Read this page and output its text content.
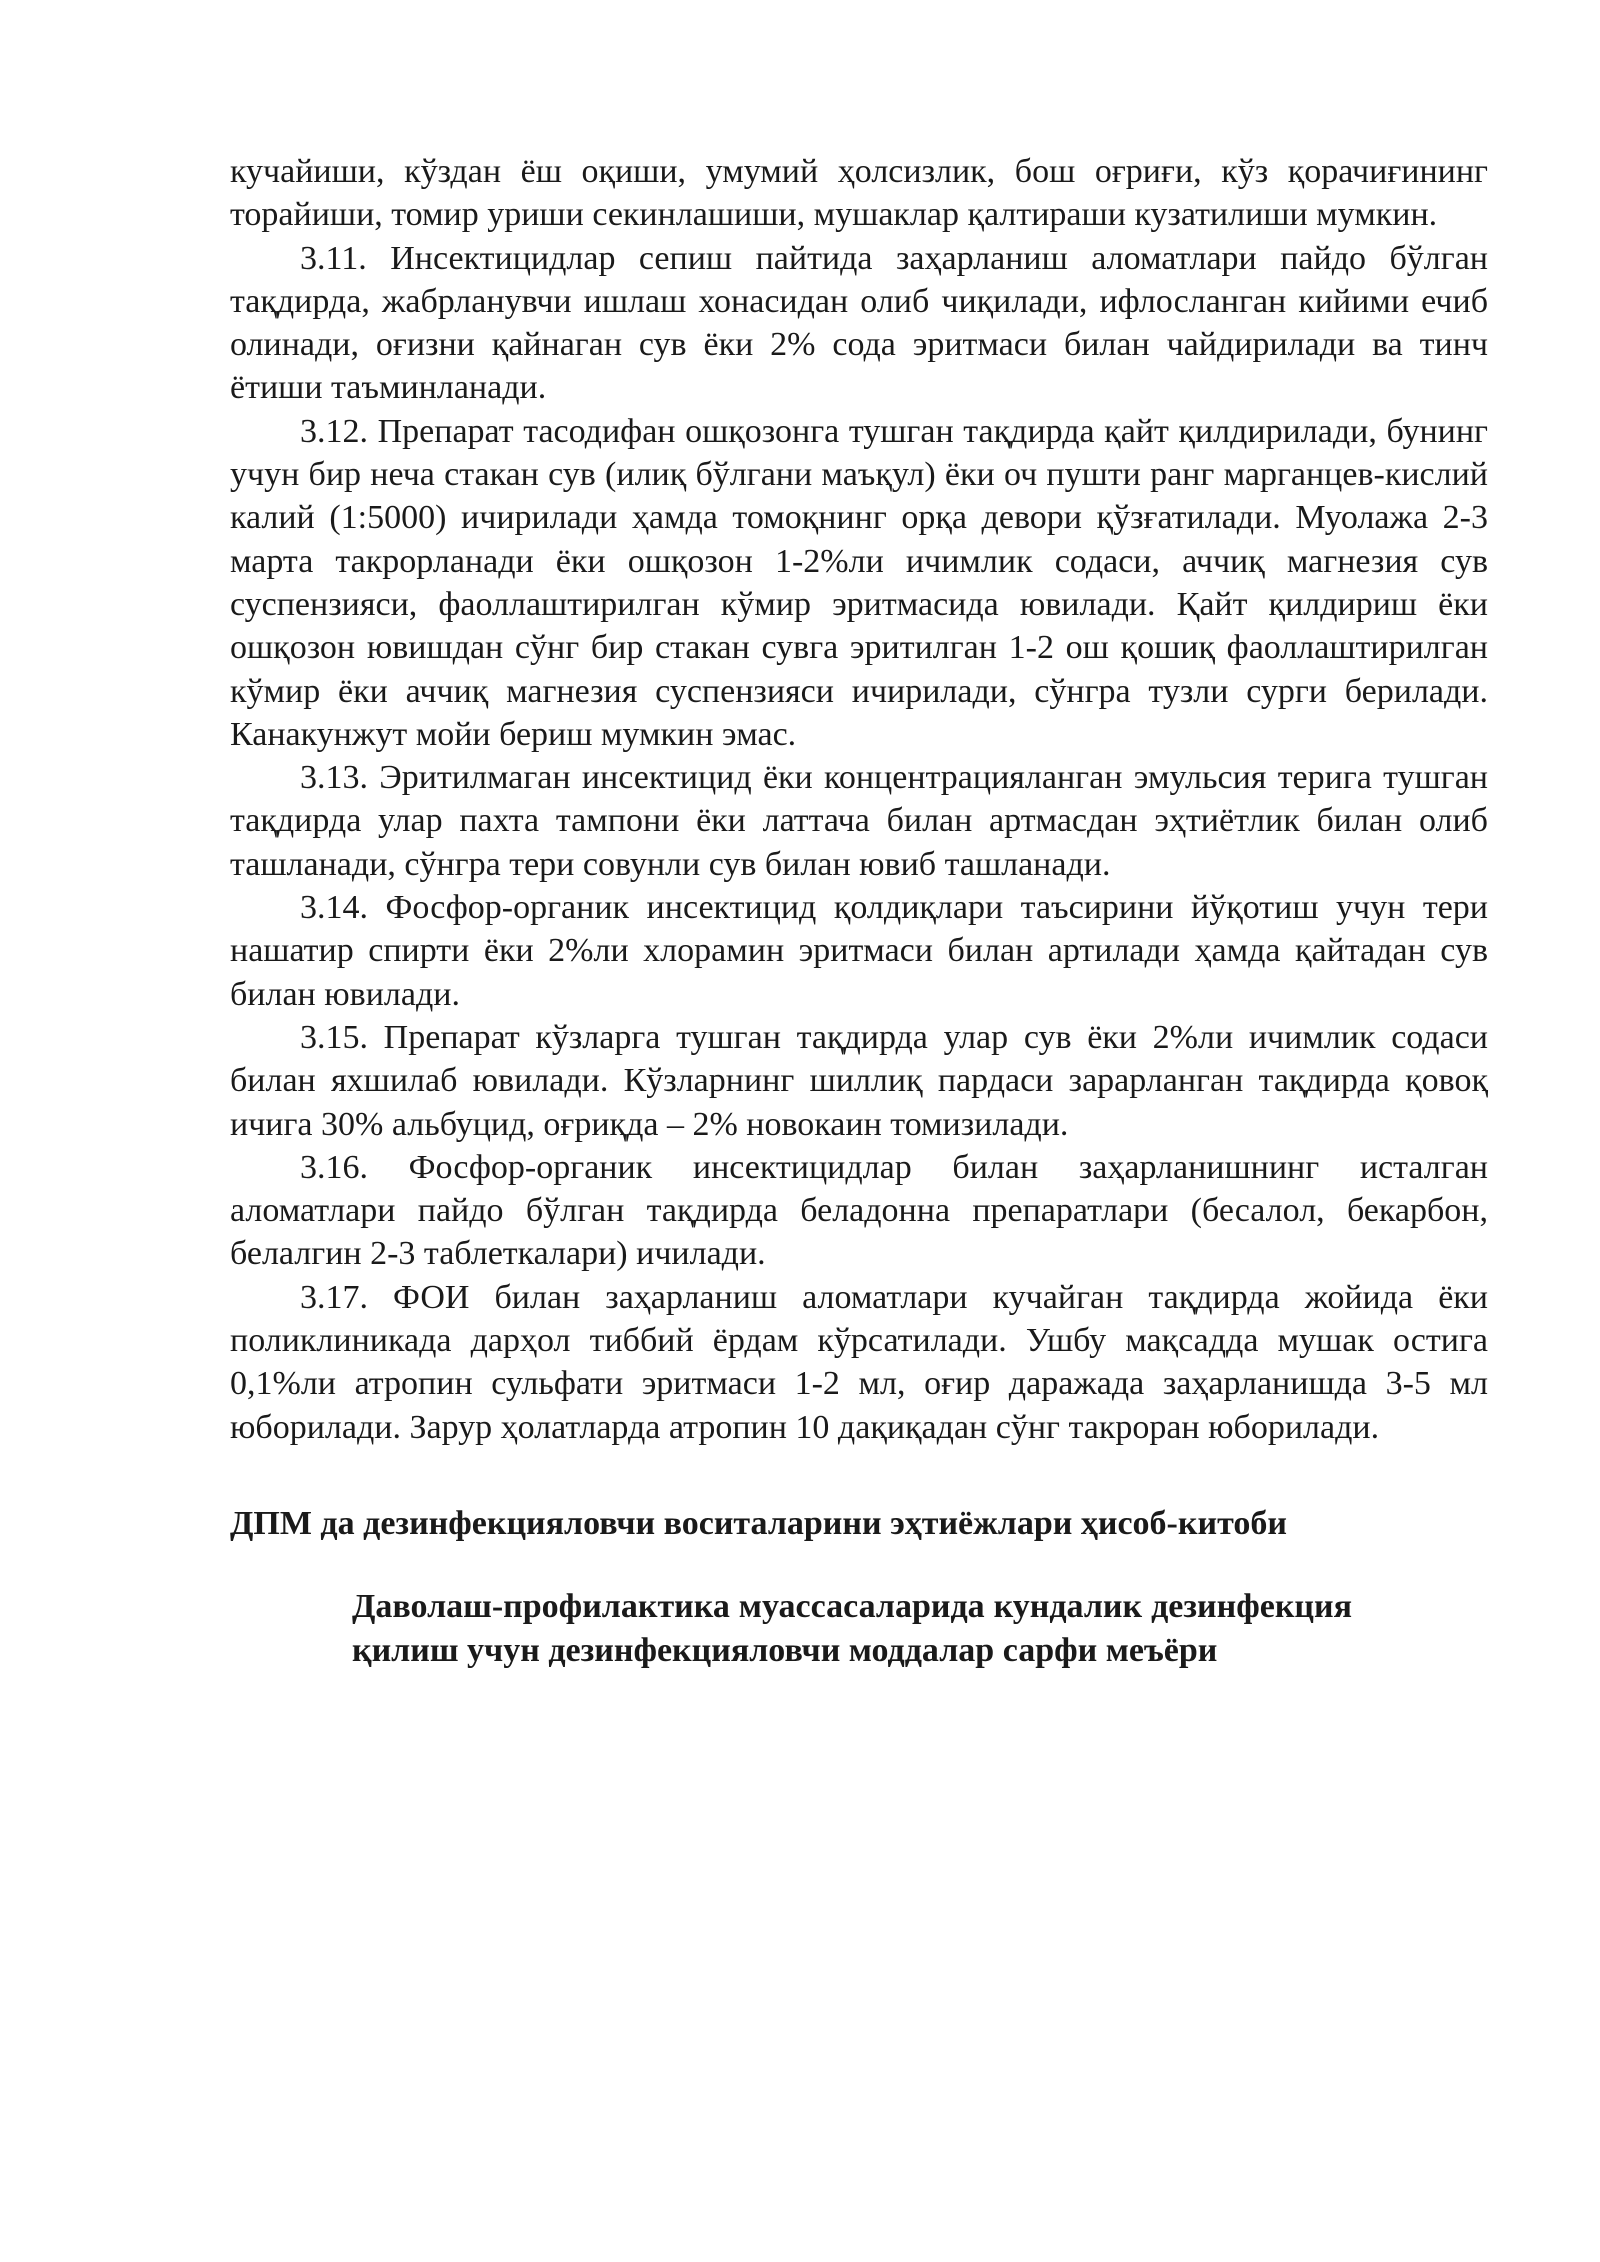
кучайиши, кўздан ёш оқиши, умумий ҳолсизлик, бош оғриғи, кўз қорачиғининг торайиши, томир уриши секинлашиши, мушаклар қалтираши кузатилиши мумкин.

3.11. Инсектицидлар сепиш пайтида заҳарланиш аломатлари пайдо бўлган тақдирда, жабрланувчи ишлаш хонасидан олиб чиқилади, ифлосланган кийими ечиб олинади, оғизни қайнаган сув ёки 2% сода эритмаси билан чайдирилади ва тинч ётиши таъминланади.

3.12. Препарат тасодифан ошқозонга тушган тақдирда қайт қилдирилади, бунинг учун бир неча стакан сув (илиқ бўлгани маъқул) ёки оч пушти ранг марганцев-кислий калий (1:5000) ичирилади ҳамда томоқнинг орқа девори қўзғатилади. Муолажа 2-3 марта такрорланади ёки ошқозон 1-2%ли ичимлик содаси, аччиқ магнезия сув суспензияси, фаоллаштирилган кўмир эритмасида ювилади. Қайт қилдириш ёки ошқозон ювишдан сўнг бир стакан сувга эритилган 1-2 ош қошиқ фаоллаштирилган кўмир ёки аччиқ магнезия суспензияси ичирилади, сўнгра тузли сурги берилади. Канакунжут мойи бериш мумкин эмас.

3.13. Эритилмаган инсектицид ёки концентрацияланган эмульсия терига тушган тақдирда улар пахта тампони ёки латтача билан артмасдан эҳтиётлик билан олиб ташланади, сўнгра тери совунли сув билан ювиб ташланади.

3.14. Фосфор-органик инсектицид қолдиқлари таъсирини йўқотиш учун тери нашатир спирти ёки 2%ли хлорамин эритмаси билан артилади ҳамда қайтадан сув билан ювилади.

3.15. Препарат кўзларга тушган тақдирда улар сув ёки 2%ли ичимлик содаси билан яхшилаб ювилади. Кўзларнинг шиллиқ пардаси зарарланган тақдирда қовоқ ичига 30% альбуцид, оғриқда – 2% новокаин томизилади.

3.16. Фосфор-органик инсектицидлар билан заҳарланишнинг исталган аломатлари пайдо бўлган тақдирда беладонна препаратлари (бесалол, бекарбон, белалгин 2-3 таблеткалари) ичилади.

3.17. ФОИ билан заҳарланиш аломатлари кучайган тақдирда жойида ёки поликлиникада дарҳол тиббий ёрдам кўрсатилади. Ушбу мақсадда мушак остига 0,1%ли атропин сульфати эритмаси 1-2 мл, оғир даражада заҳарланишда 3-5 мл юборилади. Зарур ҳолатларда атропин 10 дақиқадан сўнг такроран юборилади.

ДПМ да дезинфекцияловчи воситаларини эҳтиёжлари ҳисоб-китоби
Даволаш-профилактика муассасаларида кундалик дезинфекция қилиш учун дезинфекцияловчи моддалар сарфи меъёри
